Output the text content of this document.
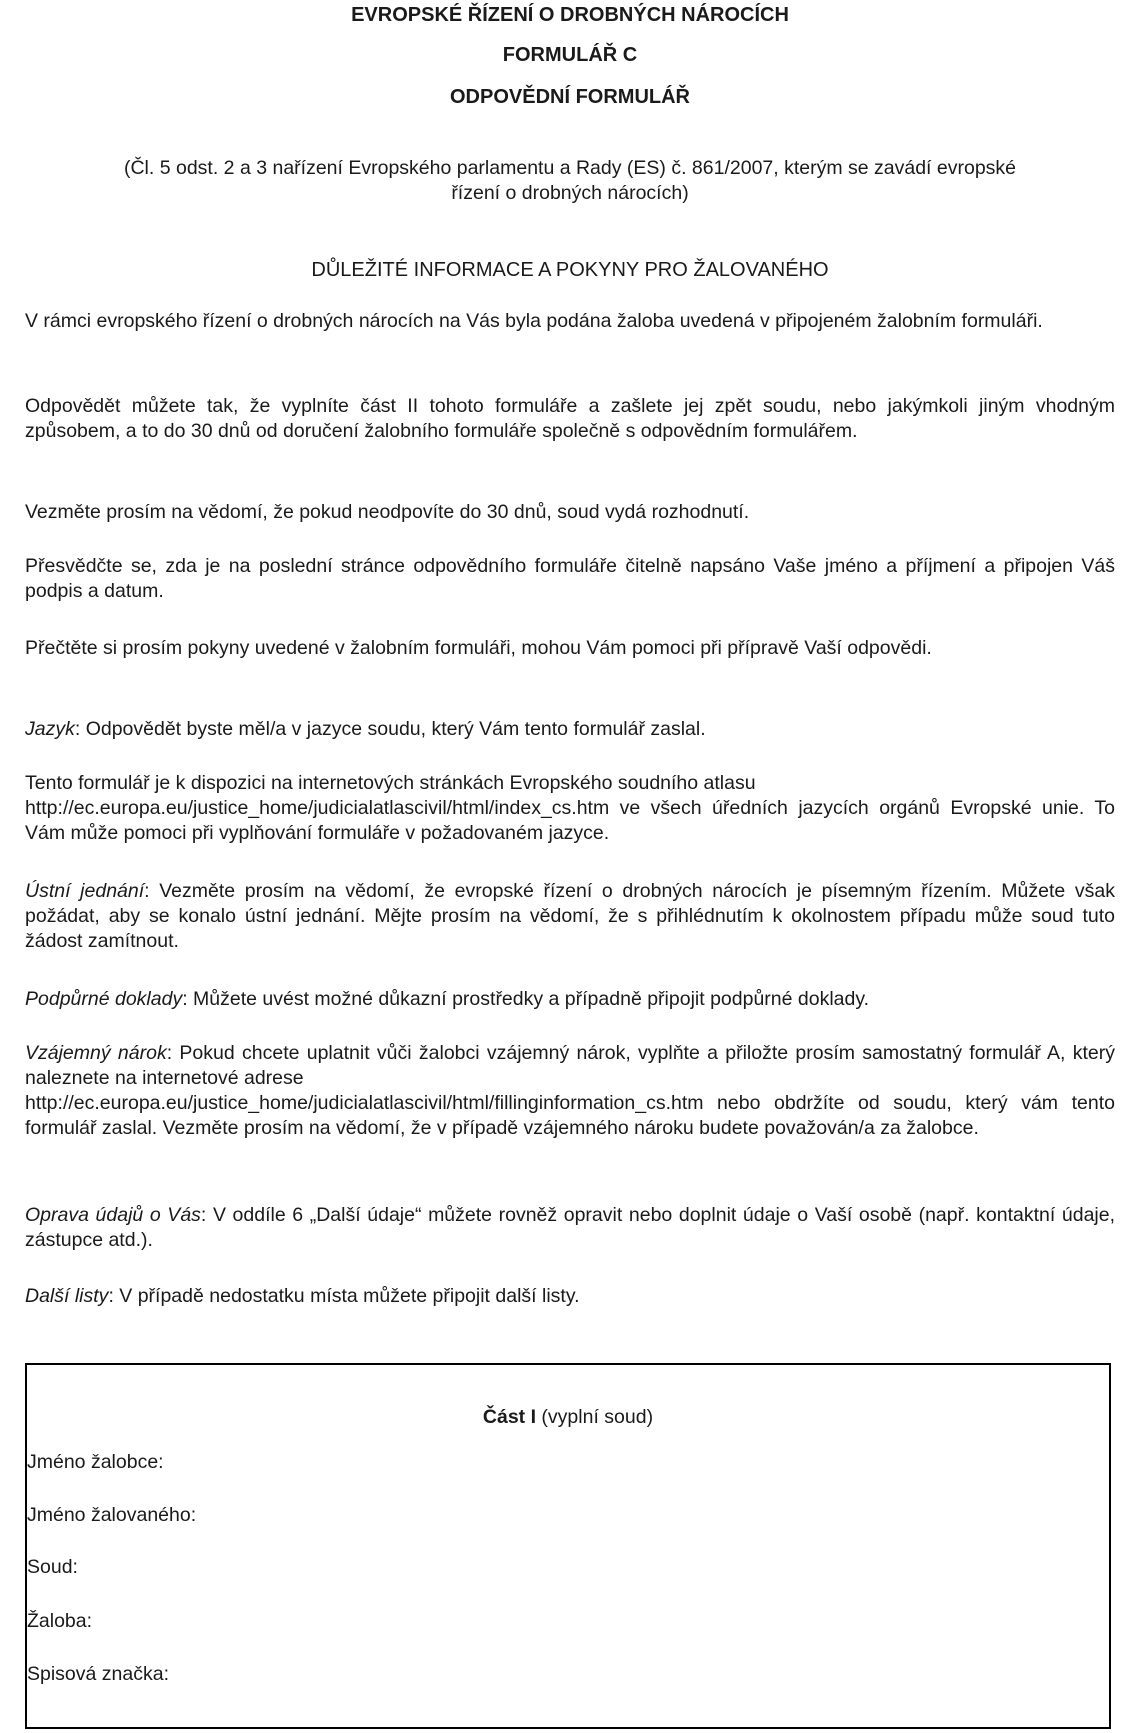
EVROPSKÉ ŘÍZENÍ O DROBNÝCH NÁROCÍCH
FORMULÁŘ C
ODPOVĚDNÍ FORMULÁŘ
(Čl. 5 odst. 2 a 3 nařízení Evropského parlamentu a Rady (ES) č. 861/2007, kterým se zavádí evropské
řízení o drobných nárocích)
DŮLEŽITÉ INFORMACE A POKYNY PRO ŽALOVANÉHO
V rámci evropského řízení o drobných nárocích na Vás byla podána žaloba uvedená v připojeném žalobním formuláři.
Odpovědět můžete tak, že vyplníte část II tohoto formuláře a zašlete jej zpět soudu, nebo jakýmkoli jiným vhodným způsobem, a to do 30 dnů od doručení žalobního formuláře společně s odpovědním formulářem.
Vezměte prosím na vědomí, že pokud neodpovíte do 30 dnů, soud vydá rozhodnutí.
Přesvědčte se, zda je na poslední stránce odpovědního formuláře čitelně napsáno Vaše jméno a příjmení a připojen Váš podpis a datum.
Přečtěte si prosím pokyny uvedené v žalobním formuláři, mohou Vám pomoci při přípravě Vaší odpovědi.
Jazyk: Odpovědět byste měl/a v jazyce soudu, který Vám tento formulář zaslal.
Tento formulář je k dispozici na internetových stránkách Evropského soudního atlasu
http://ec.europa.eu/justice_home/judicialatlascivil/html/index_cs.htm ve všech úředních jazycích orgánů Evropské unie. To Vám může pomoci při vyplňování formuláře v požadovaném jazyce.
Ústní jednání: Vezměte prosím na vědomí, že evropské řízení o drobných nárocích je písemným řízením. Můžete však požádat, aby se konalo ústní jednání. Mějte prosím na vědomí, že s přihlédnutím k okolnostem případu může soud tuto žádost zamítnout.
Podpůrné doklady: Můžete uvést možné důkazní prostředky a případně připojit podpůrné doklady.
Vzájemný nárok: Pokud chcete uplatnit vůči žalobci vzájemný nárok, vyplňte a přiložte prosím samostatný formulář A, který naleznete na internetové adrese
http://ec.europa.eu/justice_home/judicialatlascivil/html/fillinginformation_cs.htm nebo obdržíte od soudu, který vám tento formulář zaslal. Vezměte prosím na vědomí, že v případě vzájemného nároku budete považován/a za žalobce.
Oprava údajů o Vás: V oddíle 6 „Další údaje“ můžete rovněž opravit nebo doplnit údaje o Vaší osobě (např. kontaktní údaje, zástupce atd.).
Další listy: V případě nedostatku místa můžete připojit další listy.
Část I (vyplní soud)
Jméno žalobce:
Jméno žalovaného:
Soud:
Žaloba:
Spisová značka:
